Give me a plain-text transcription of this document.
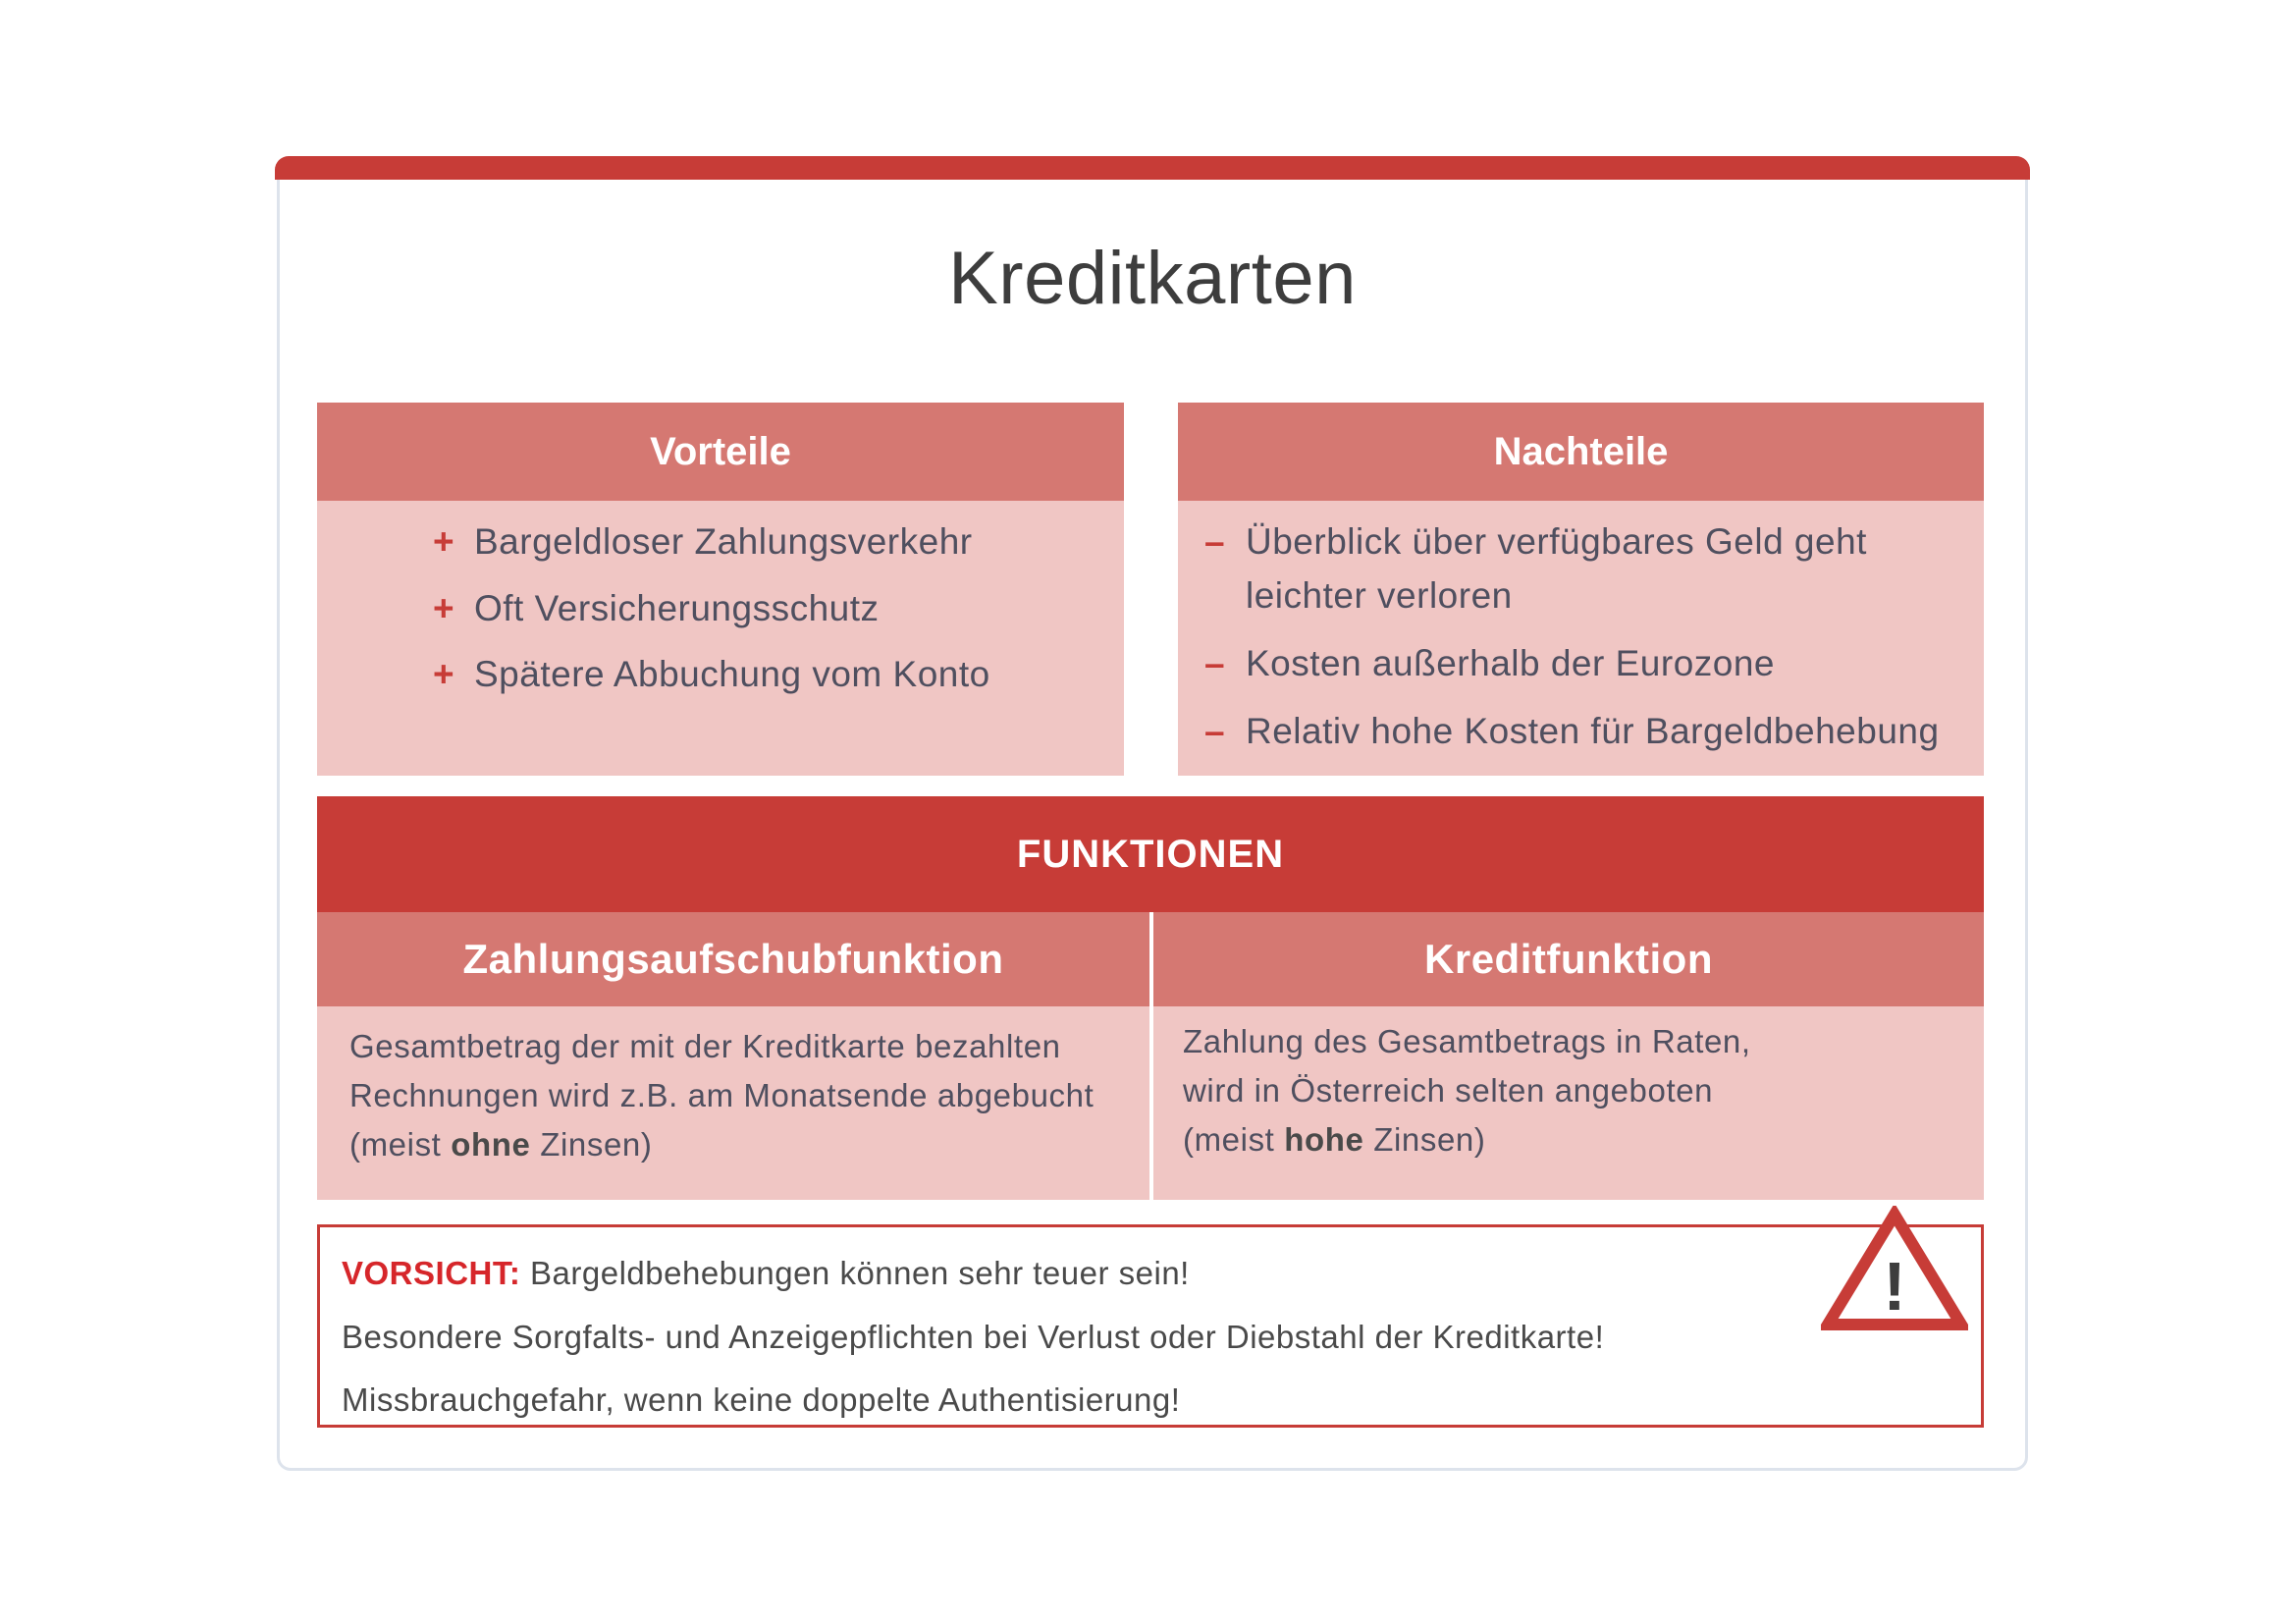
Kreditkarten
Vorteile
+ Bargeldloser Zahlungsverkehr
+ Oft Versicherungsschutz
+ Spätere Abbuchung vom Konto
Nachteile
– Überblick über verfügbares Geld geht leichter verloren
– Kosten außerhalb der Eurozone
– Relativ hohe Kosten für Bargeldbehebung
FUNKTIONEN
Zahlungsaufschubfunktion	Kreditfunktion
Gesamtbetrag der mit der Kreditkarte bezahlten
Rechnungen wird z.B. am Monatsende abgebucht
(meist ohne Zinsen)
Zahlung des Gesamtbetrags in Raten,
wird in Österreich selten angeboten
(meist hohe Zinsen)
VORSICHT: Bargeldbehebungen können sehr teuer sein!
Besondere Sorgfalts- und Anzeigepflichten bei Verlust oder Diebstahl der Kreditkarte!
Missbrauchgefahr, wenn keine doppelte Authentisierung!
!
